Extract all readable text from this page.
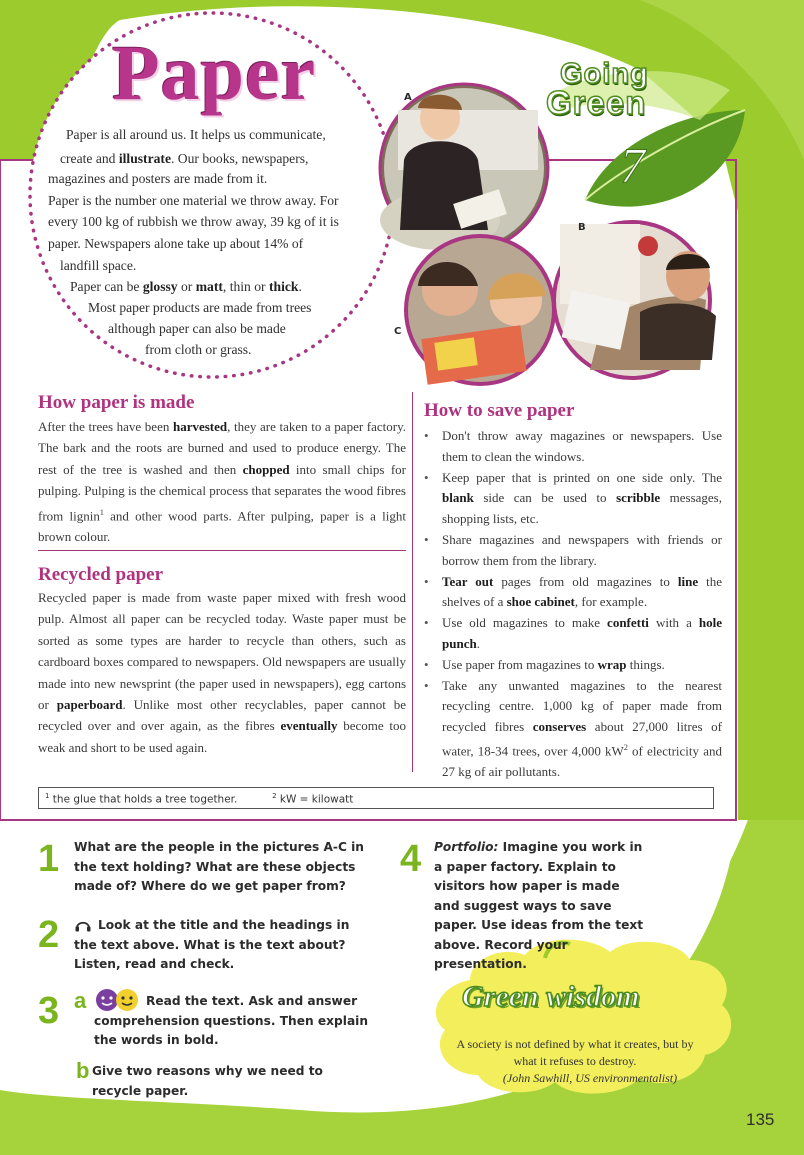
Paper

Paper is all around us. It helps us communicate,

create and illustrate. Our books, newspapers,

magazines and posters are made from it.

Paper is the number one material we throw away. For

every 100 kg of rubbish we throw away, 39 kg of it is

paper. Newspapers alone take up about 14% of

landfill space.

Paper can be glossy or matt, thin or thick.

Most paper products are made from trees

although paper can also be made

from cloth or grass.

A
B
C
Going
Green
7
How paper is made
After the trees have been harvested, they are taken to a paper factory. The bark and the roots are burned and used to produce energy. The rest of the tree is washed and then chopped into small chips for pulping. Pulping is the chemical process that separates the wood fibres from lignin$^1$ and other wood parts. After pulping, paper is a light brown colour.
Recycled paper
Recycled paper is made from waste paper mixed with fresh wood pulp. Almost all paper can be recycled today. Waste paper must be sorted as some types are harder to recycle than others, such as cardboard boxes compared to newspapers. Old newspapers are usually made into new newsprint (the paper used in newspapers), egg cartons or paperboard. Unlike most other recyclables, paper cannot be recycled over and over again, as the fibres eventually become too weak and short to be used again.
How to save paper
• Don't throw away magazines or newspapers. Use them to clean the windows.
• Keep paper that is printed on one side only. The blank side can be used to scribble messages, shopping lists, etc.
• Share magazines and newspapers with friends or borrow them from the library.
• Tear out pages from old magazines to line the shelves of a shoe cabinet, for example.
• Use old magazines to make confetti with a hole punch.
• Use paper from magazines to wrap things.
• Take any unwanted magazines to the nearest recycling centre. 1,000 kg of paper made from recycled fibres conserves about 27,000 litres of water, 18-34 trees, over 4,000 $kW^2$ of electricity and 27 kg of air pollutants.
$^1$ the glue that holds a tree together.	$^2$ kW = kilowatt
1 What are the people in the pictures A-C in the text holding? What are these objects made of? Where do we get paper from?
2	Look at the title and the headings in the text above. What is the text about? Listen, read and check.
3 a	Read the text. Ask and answer comprehension questions. Then explain the words in bold.
b Give two reasons why we need to recycle paper.
4 Portfolio: Imagine you work in a paper factory. Explain to visitors how paper is made and suggest ways to save paper. Use ideas from the text above. Record your presentation.
Green wisdom
A society is not defined by what it creates, but by what it refuses to destroy.
(John Sawhill, US environmentalist)
135
